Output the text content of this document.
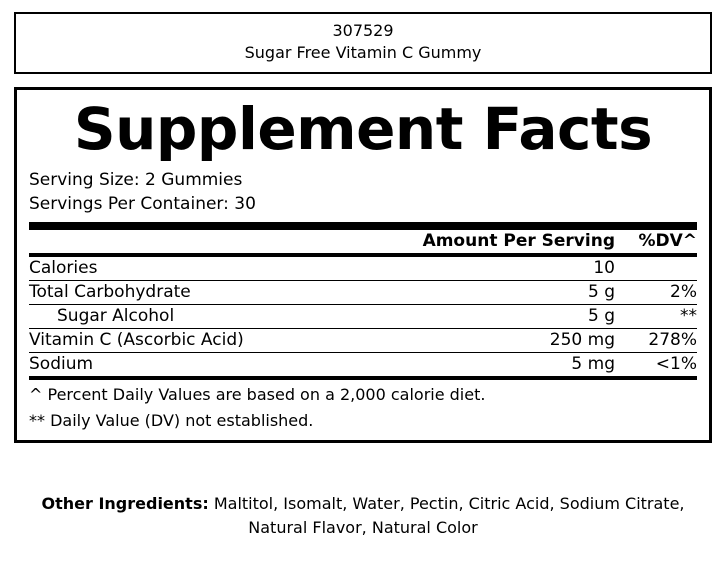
307529
Sugar Free Vitamin C Gummy
Supplement Facts
Serving Size: 2 Gummies
Servings Per Container: 30
	Amount Per Serving	%DV^
Calories	10	
Total Carbohydrate	5 g	2%
Sugar Alcohol	5 g	**
Vitamin C (Ascorbic Acid)	250 mg	278%
Sodium	5 mg	<1%
^ Percent Daily Values are based on a 2,000 calorie diet.
** Daily Value (DV) not established.
Other Ingredients: Maltitol, Isomalt, Water, Pectin, Citric Acid, Sodium Citrate, Natural Flavor, Natural Color
